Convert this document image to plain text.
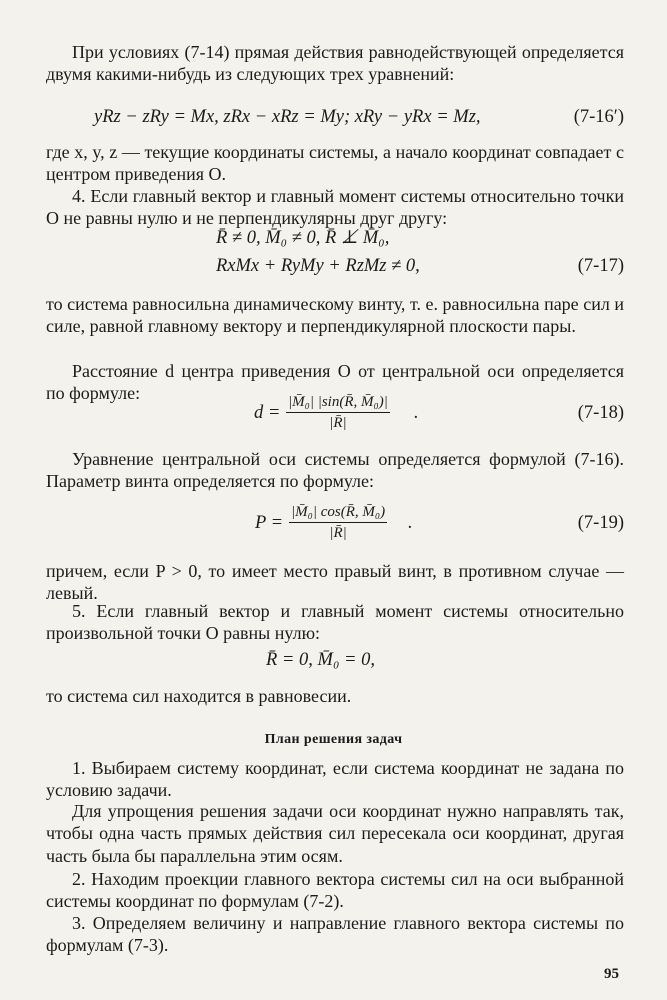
При условиях (7-14) прямая действия равнодействующей определяется двумя какими-нибудь из следующих трех уравнений:

yRz − zRy = Mx, zRx − xRz = My; xRy − yRx = Mz,	(7-16′)

где x, y, z — текущие координаты системы, а начало координат совпадает с центром приведения O.

4. Если главный вектор и главный момент системы относительно точки O не равны нулю и не перпендикулярны друг другу:

R̄ ≠ 0, M̄₀ ≠ 0, R̄ ⊥̸ M̄₀,
RxMx + RyMy + RzMz ≠ 0,	(7-17)

то система равносильна динамическому винту, т. е. равносильна паре сил и силе, равной главному вектору и перпендикулярной плоскости пары.

Расстояние d центра приведения O от центральной оси определяется по формуле:

$d = \frac{\text{|M̄₀| |sin(R̄, M̄₀)|}}{|R̄|}$ .	(7-18)

Уравнение центральной оси системы определяется формулой (7-16). Параметр винта определяется по формуле:

$P = \frac{\text{|M̄₀| cos(R̄, M̄₀)}}{|R̄|}$ .	(7-19)

причем, если P > 0, то имеет место правый винт, в противном случае — левый.

5. Если главный вектор и главный момент системы относительно произвольной точки O равны нулю:

R̄ = 0, M̄₀ = 0,

то система сил находится в равновесии.

План решения задач

1. Выбираем систему координат, если система координат не задана по условию задачи.

Для упрощения решения задачи оси координат нужно направлять так, чтобы одна часть прямых действия сил пересекала оси координат, другая часть была бы параллельна этим осям.

2. Находим проекции главного вектора системы сил на оси выбранной системы координат по формулам (7-2).

3. Определяем величину и направление главного вектора системы по формулам (7-3).

95
